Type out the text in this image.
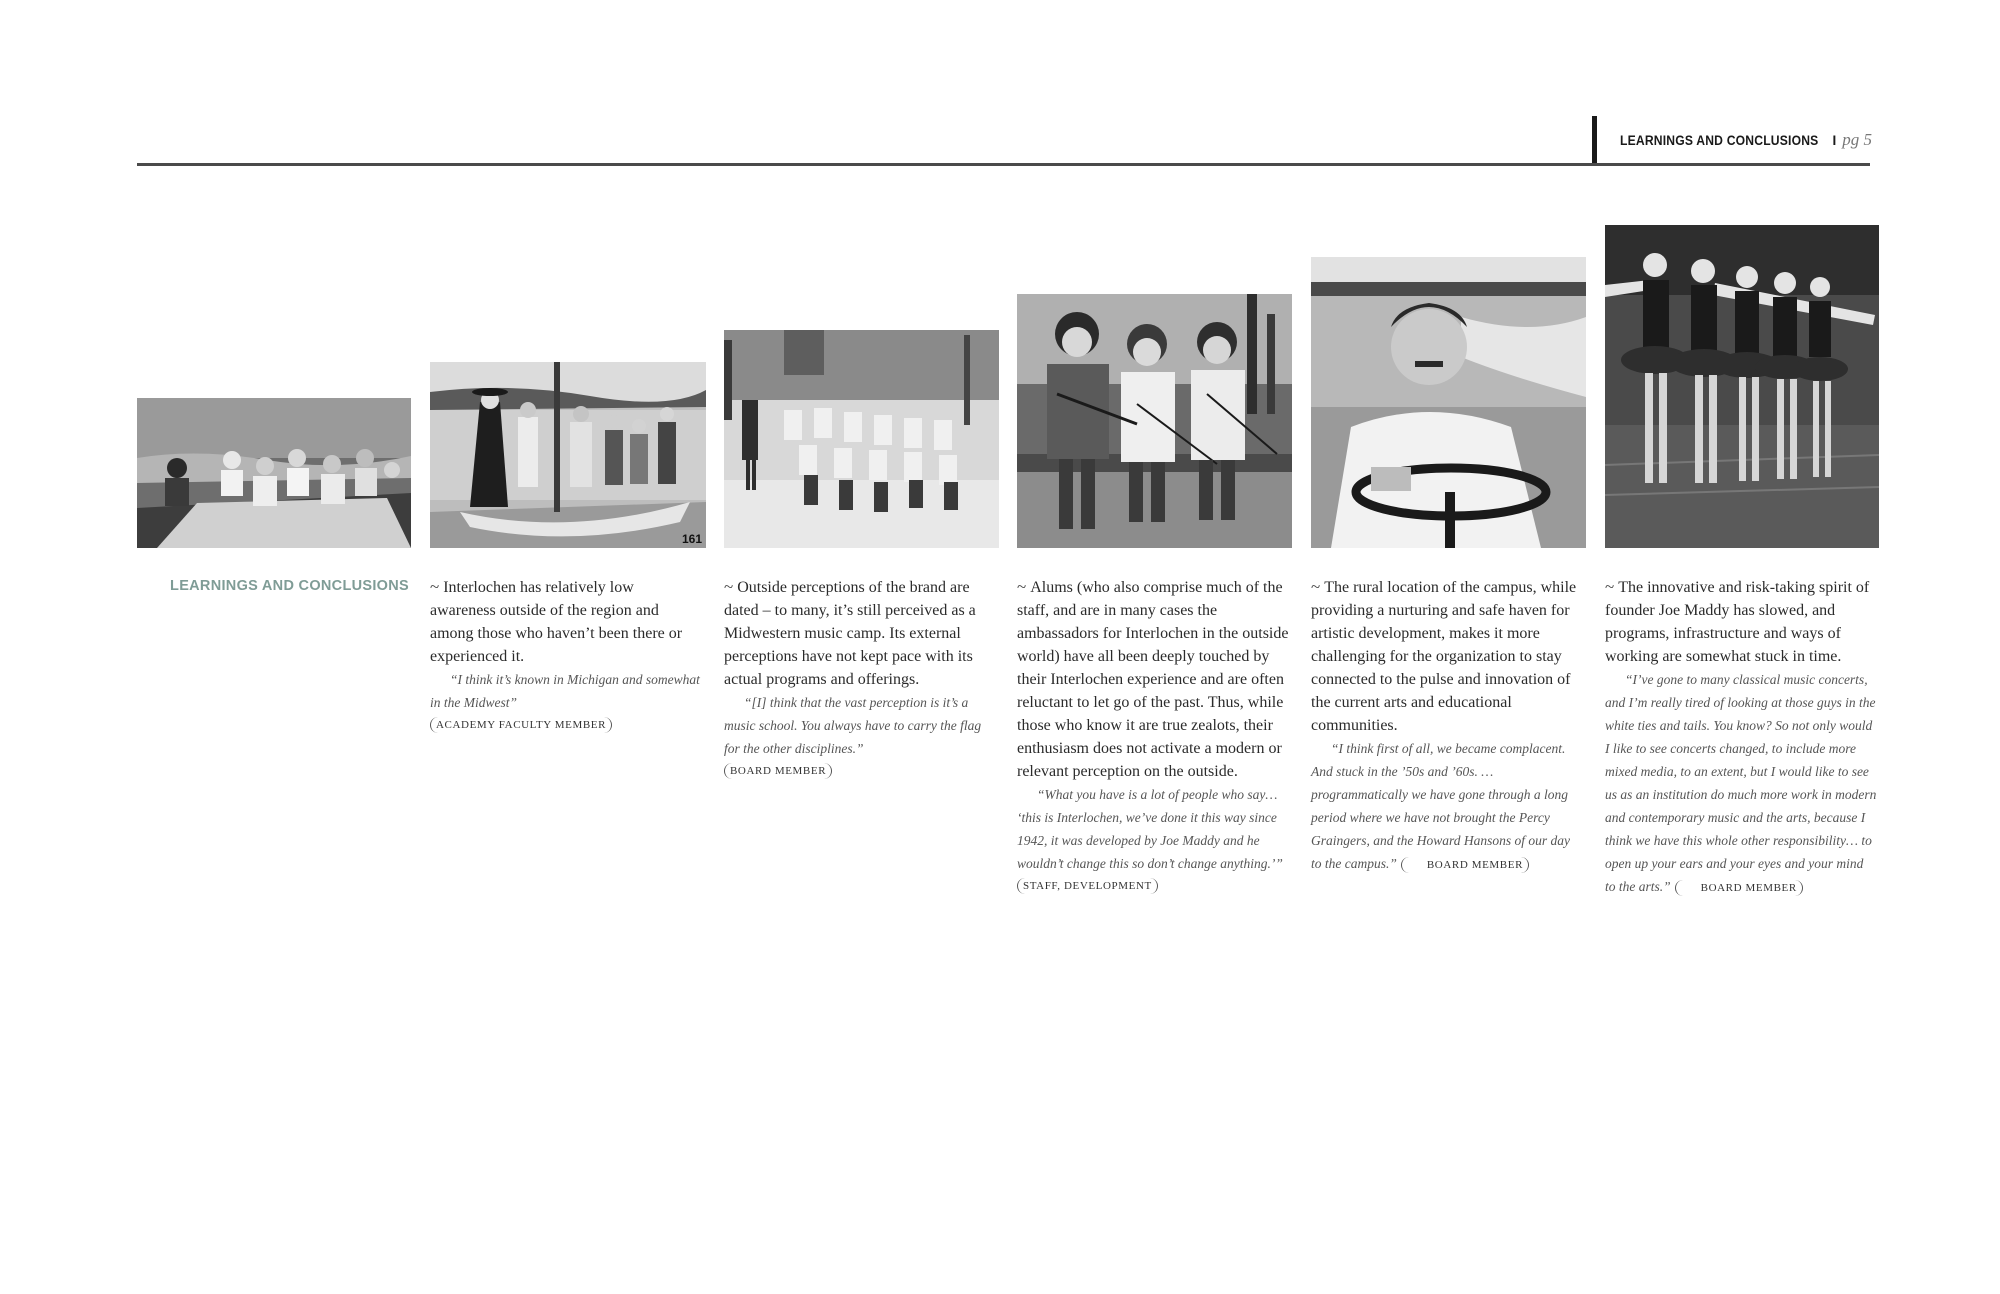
LEARNINGS AND CONCLUSIONS I pg 5
161
LEARNINGS AND CONCLUSIONS ~ Interlochen has relatively low awareness outside of the region and among those who haven’t been there or experienced it.

“I think it’s known in Michigan and somewhat in the Midwest”

ACADEMY FACULTY MEMBER

~ Outside perceptions of the brand are dated – to many, it’s still perceived as a Midwestern music camp. Its external perceptions have not kept pace with its actual programs and offerings.

“[I] think that the vast perception is it’s a music school. You always have to carry the flag for the other disciplines.”

BOARD MEMBER

~ Alums (who also comprise much of the staff, and are in many cases the ambassadors for Interlochen in the outside world) have all been deeply touched by their Interlochen experience and are often reluctant to let go of the past. Thus, while those who know it are true zealots, their enthusiasm does not activate a modern or relevant perception on the outside.

“What you have is a lot of people who say… ‘this is Interlochen, we’ve done it this way since 1942, it was developed by Joe Maddy and he wouldn’t change this so don’t change anything.’”

STAFF, DEVELOPMENT

~ The rural location of the campus, while providing a nurturing and safe haven for artistic development, makes it more challenging for the organization to stay connected to the pulse and innovation of the current arts and educational communities.

“I think first of all, we became complacent. And stuck in the ’50s and ’60s. … programmatically we have gone through a long period where we have not brought the Percy Graingers, and the Howard Hansons of our day to the campus.”	BOARD MEMBER

~ The innovative and risk-taking spirit of founder Joe Maddy has slowed, and programs, infrastructure and ways of working are somewhat stuck in time.

“I’ve gone to many classical music concerts, and I’m really tired of looking at those guys in the white ties and tails. You know? So not only would I like to see concerts changed, to include more mixed media, to an extent, but I would like to see us as an institution do much more work in modern and contemporary music and the arts, because I think we have this whole other responsibility… to open up your ears and your eyes and your mind to the arts.”	BOARD MEMBER
